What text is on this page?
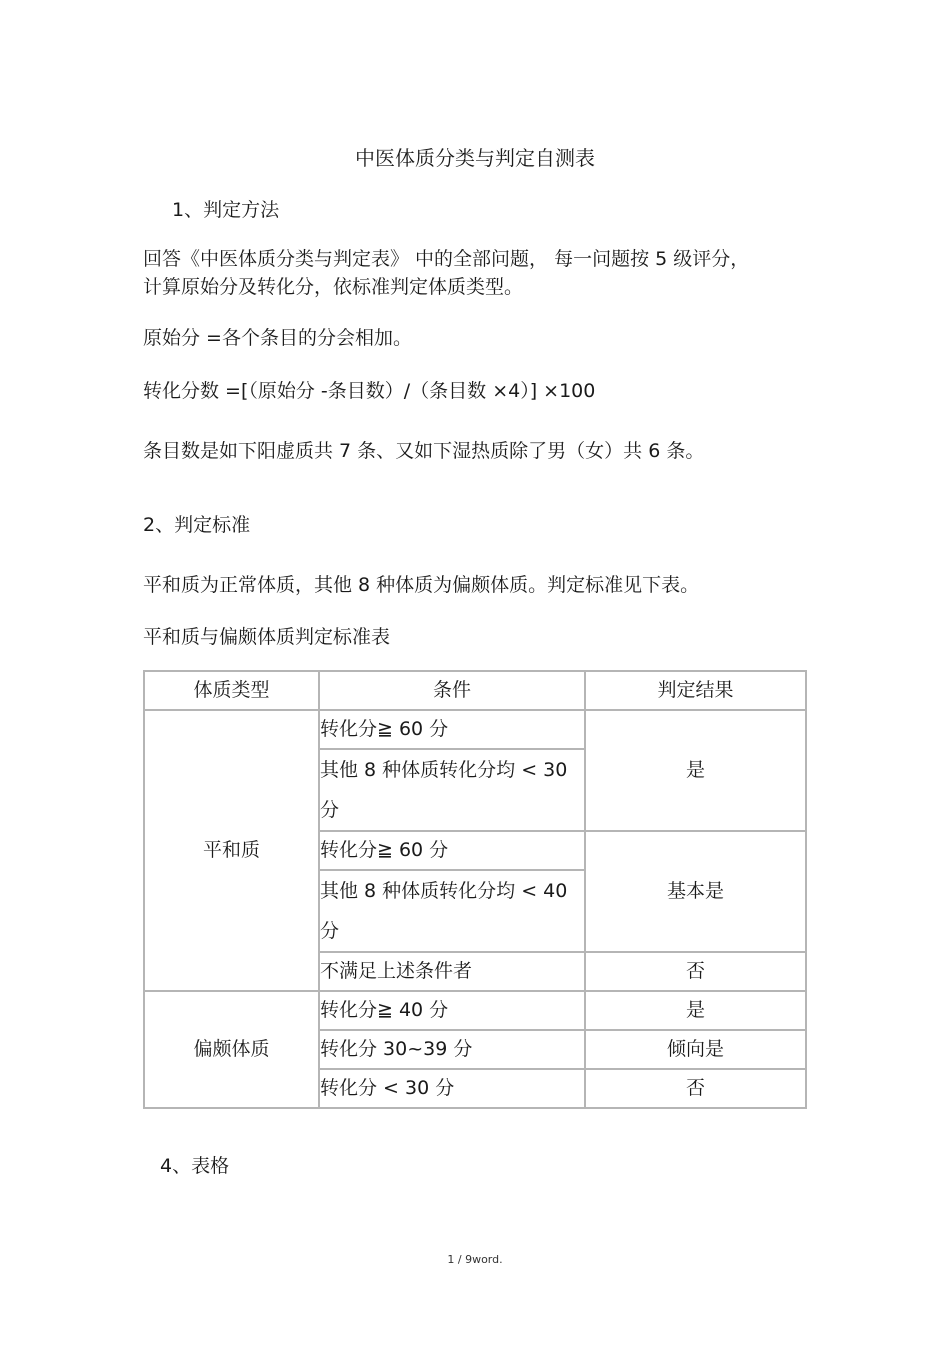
中医体质分类与判定自测表
1、判定方法
回答《中医体质分类与判定表》 中的全部问题， 每一问题按 5 级评分，
计算原始分及转化分，依标准判定体质类型。
原始分 =各个条目的分会相加。
转化分数 =[（原始分 -条目数）/（条目数 ×4）] ×100
条目数是如下阳虚质共 7 条、又如下湿热质除了男（女）共 6 条。
2、判定标准
平和质为正常体质，其他 8 种体质为偏颇体质。判定标准见下表。
平和质与偏颇体质判定标准表
体质类型	条件	判定结果
平和质	转化分≧ 60 分	是
	其他 8 种体质转化分均 < 30 分	
	转化分≧ 60 分	基本是
	其他 8 种体质转化分均 < 40 分	
	不满足上述条件者	否
偏颇体质	转化分≧ 40 分	是
	转化分 30~39 分	倾向是
	转化分 < 30 分	否
4、表格
1 / 9word.
